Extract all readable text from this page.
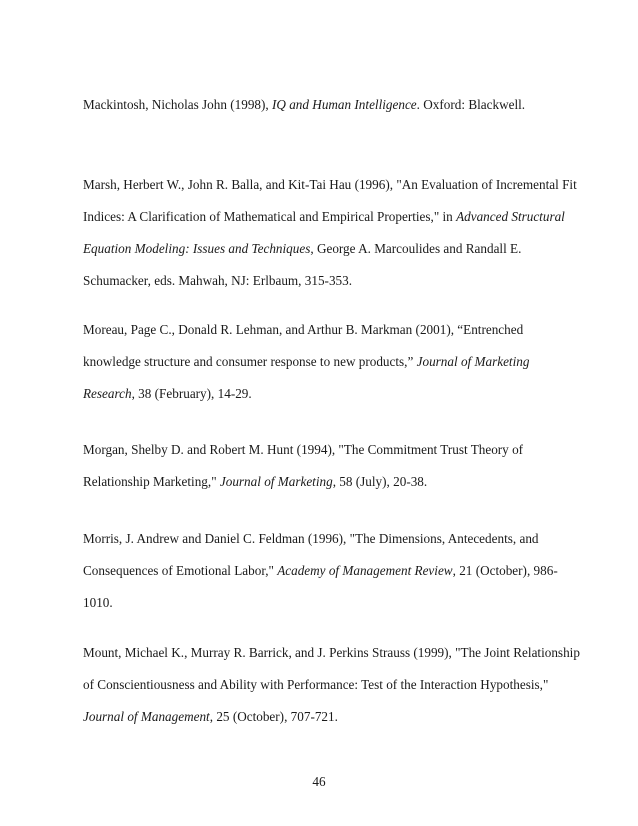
Mackintosh, Nicholas John (1998), IQ and Human Intelligence. Oxford: Blackwell.
Marsh, Herbert W., John R. Balla, and Kit-Tai Hau (1996), "An Evaluation of Incremental Fit
Indices: A Clarification of Mathematical and Empirical Properties," in Advanced Structural
Equation Modeling: Issues and Techniques, George A. Marcoulides and Randall E.
Schumacker, eds. Mahwah, NJ: Erlbaum, 315-353.
Moreau, Page C., Donald R. Lehman, and Arthur B. Markman (2001), “Entrenched
knowledge structure and consumer response to new products,” Journal of Marketing
Research, 38 (February), 14-29.
Morgan, Shelby D. and Robert M. Hunt (1994), "The Commitment Trust Theory of
Relationship Marketing," Journal of Marketing, 58 (July), 20-38.
Morris, J. Andrew and Daniel C. Feldman (1996), "The Dimensions, Antecedents, and
Consequences of Emotional Labor," Academy of Management Review, 21 (October), 986-
1010.
Mount, Michael K., Murray R. Barrick, and J. Perkins Strauss (1999), "The Joint Relationship
of Conscientiousness and Ability with Performance: Test of the Interaction Hypothesis,"
Journal of Management, 25 (October), 707-721.
46
